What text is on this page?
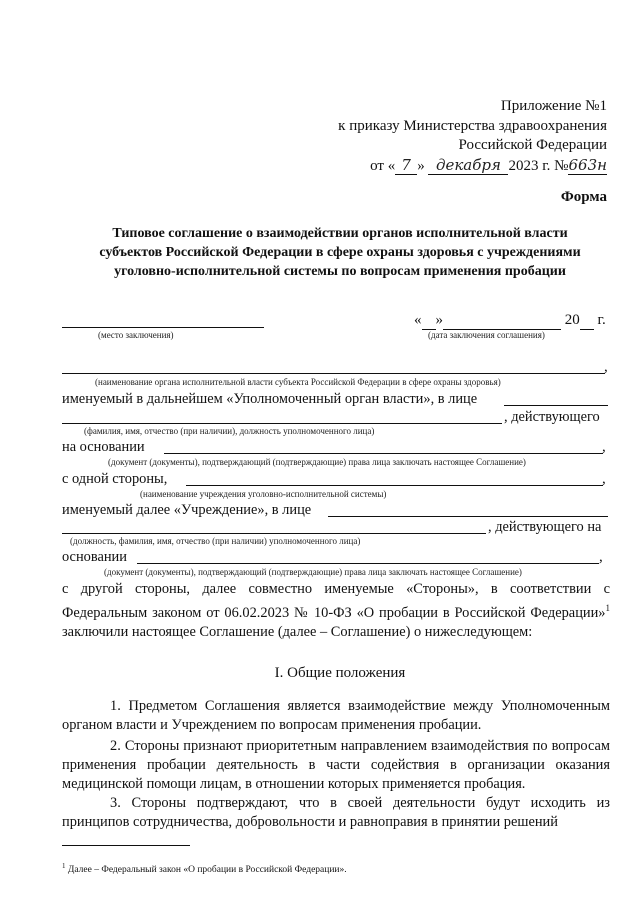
Приложение №1
к приказу Министерства здравоохранения
Российской Федерации
от « 7 » декабря 2023 г. №663н
Форма
Типовое соглашение о взаимодействии органов исполнительной власти
субъектов Российской Федерации в сфере охраны здоровья с учреждениями
уголовно-исполнительной системы по вопросам применения пробации
(место заключения)
« »	20 г.
(дата заключения соглашения)
,
(наименование органа исполнительной власти субъекта Российской Федерации в сфере охраны здоровья)
именуемый в дальнейшем «Уполномоченный орган власти», в лице
, действующего
(фамилия, имя, отчество (при наличии), должность уполномоченного лица)
на основании	,
(документ (документы), подтверждающий (подтверждающие) права лица заключать настоящее Соглашение)
с одной стороны,	,
(наименование учреждения уголовно-исполнительной системы)
именуемый далее «Учреждение», в лице
, действующего на
(должность, фамилия, имя, отчество (при наличии) уполномоченного лица)
основании	,
(документ (документы), подтверждающий (подтверждающие) права лица заключать настоящее Соглашение)
с другой стороны, далее совместно именуемые «Стороны», в соответствии с Федеральным законом от 06.02.2023 № 10-ФЗ «О пробации в Российской Федерации»$^1$ заключили настоящее Соглашение (далее – Соглашение) о нижеследующем:
I. Общие положения
1. Предметом Соглашения является взаимодействие между Уполномоченным органом власти и Учреждением по вопросам применения пробации.
2. Стороны признают приоритетным направлением взаимодействия по вопросам применения пробации деятельность в части содействия в организации оказания медицинской помощи лицам, в отношении которых применяется пробация.
3. Стороны подтверждают, что в своей деятельности будут исходить из принципов сотрудничества, добровольности и равноправия в принятии решений
$^1$ Далее – Федеральный закон «О пробации в Российской Федерации».
